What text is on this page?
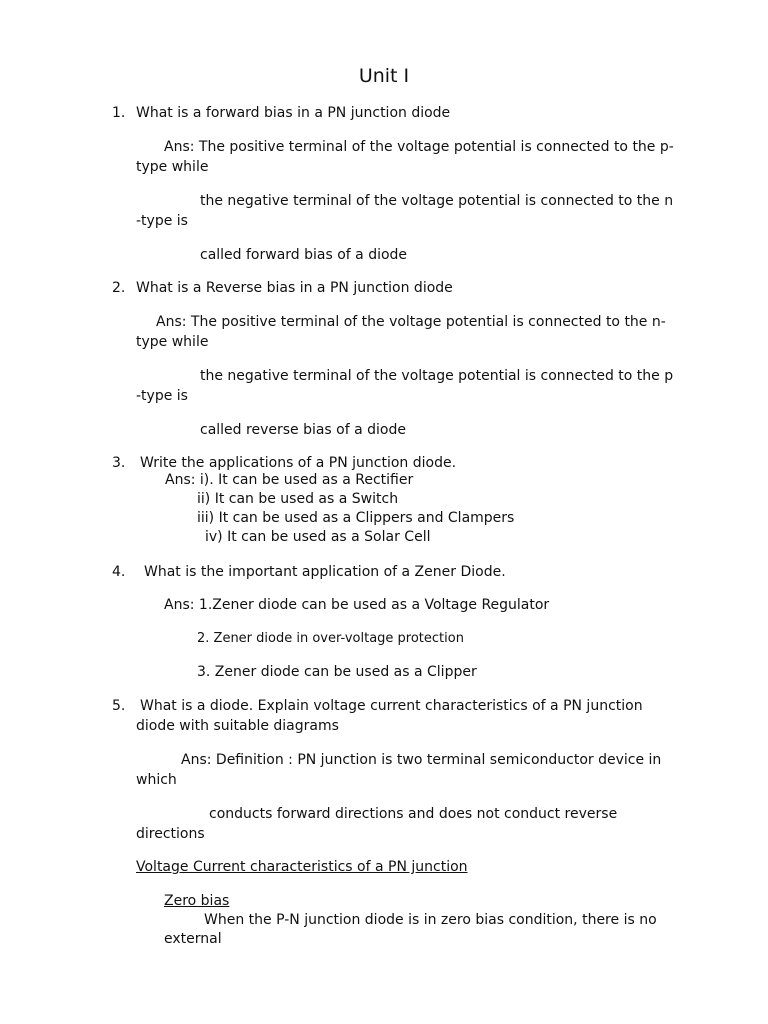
Unit I
1. What is a forward bias in a PN junction diode
Ans: The positive terminal of the voltage potential is connected to the p-
type while
the negative terminal of the voltage potential is connected to the n
-type is
called forward bias of a diode
2. What is a Reverse bias in a PN junction diode
Ans: The positive terminal of the voltage potential is connected to the n-
type while
the negative terminal of the voltage potential is connected to the p
-type is
called reverse bias of a diode
3. Write the applications of a PN junction diode.
Ans: i). It can be used as a Rectifier
ii) It can be used as a Switch
iii) It can be used as a Clippers and Clampers
iv) It can be used as a Solar Cell
4. What is the important application of a Zener Diode.
Ans: 1.Zener diode can be used as a Voltage Regulator
2. Zener diode in over-voltage protection
3. Zener diode can be used as a Clipper
5. What is a diode. Explain voltage current characteristics of a PN junction
diode with suitable diagrams
Ans: Definition : PN junction is two terminal semiconductor device in
which
conducts forward directions and does not conduct reverse
directions
Voltage Current characteristics of a PN junction
Zero bias
When the P-N junction diode is in zero bias condition, there is no
external
